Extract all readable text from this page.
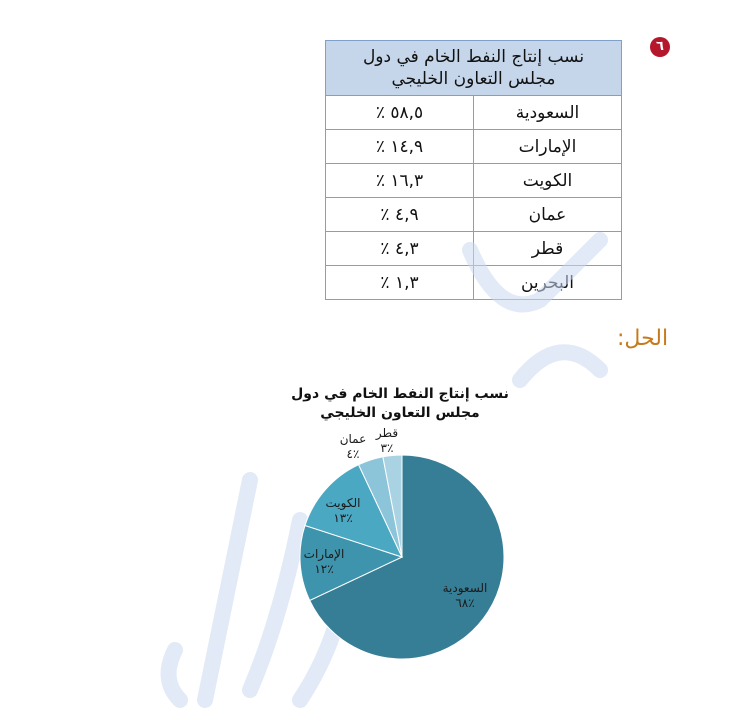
٦
نسب إنتاج النفط الخام في دول
مجلس التعاون الخليجي	

السعودية	٥٨,٥ ٪
الإمارات	١٤,٩ ٪
الكويت	١٦,٣ ٪
عمان	٤,٩ ٪
قطر	٤,٣ ٪
البحرين	١,٣ ٪
الحل:
نسب إنتاج النفط الخام في دول
مجلس التعاون الخليجي
السعودية
٦٨٪
الإمارات
١٢٪
الكويت
١٣٪
عمان
٤٪
قطر
٣٪
